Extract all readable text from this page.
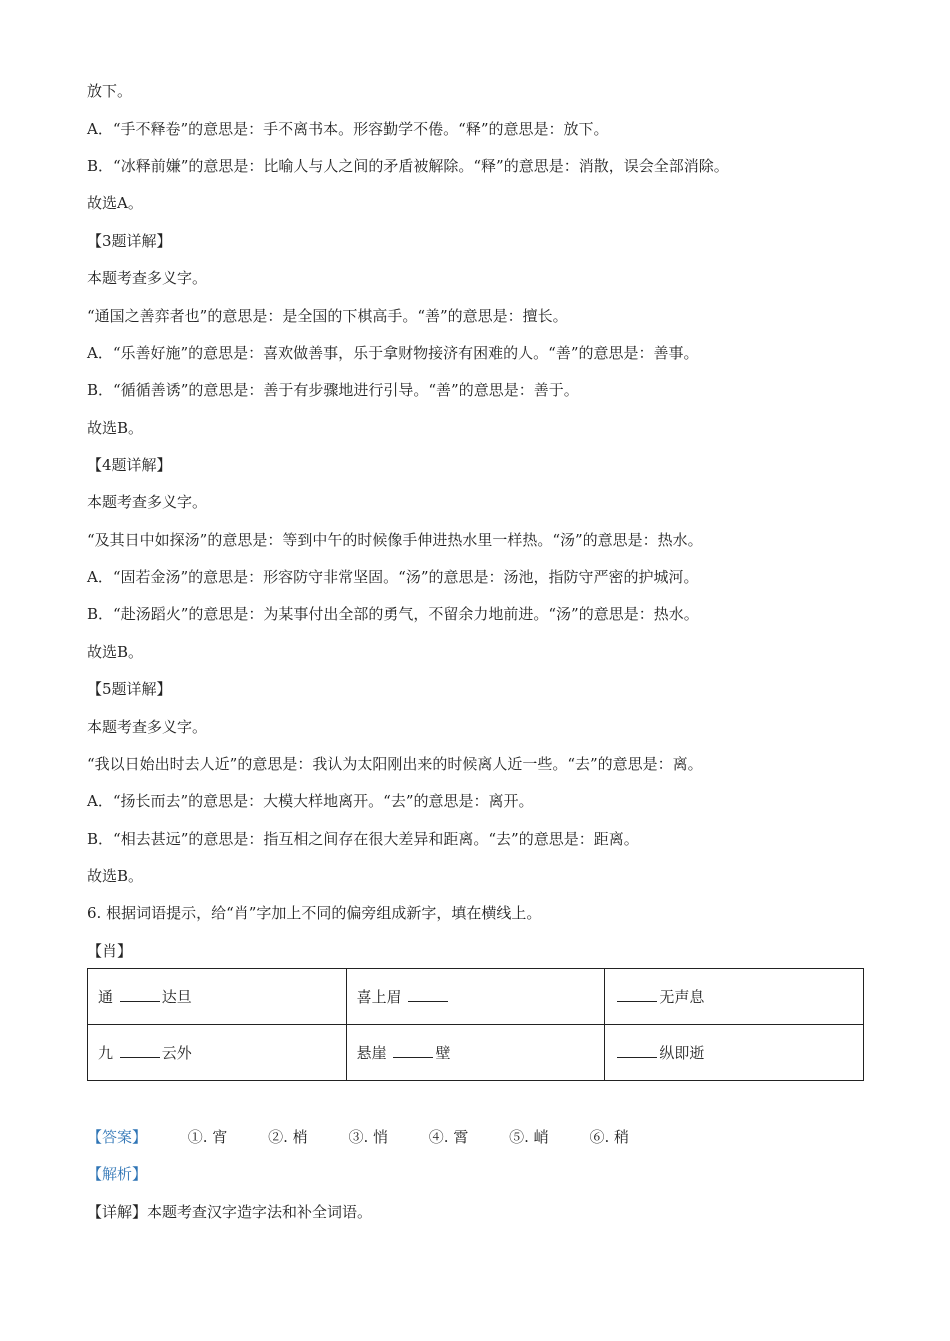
放下。
A．“手不释卷”的意思是：手不离书本。形容勤学不倦。“释”的意思是：放下。
B．“冰释前嫌”的意思是：比喻人与人之间的矛盾被解除。“释”的意思是：消散，误会全部消除。
故选A。
【3题详解】
本题考查多义字。
“通国之善弈者也”的意思是：是全国的下棋高手。“善”的意思是：擅长。
A．“乐善好施”的意思是：喜欢做善事，乐于拿财物接济有困难的人。“善”的意思是：善事。
B．“循循善诱”的意思是：善于有步骤地进行引导。“善”的意思是：善于。
故选B。
【4题详解】
本题考查多义字。
“及其日中如探汤”的意思是：等到中午的时候像手伸进热水里一样热。“汤”的意思是：热水。
A．“固若金汤”的意思是：形容防守非常坚固。“汤”的意思是：汤池，指防守严密的护城河。
B．“赴汤蹈火”的意思是：为某事付出全部的勇气，不留余力地前进。“汤”的意思是：热水。
故选B。
【5题详解】
本题考查多义字。
“我以日始出时去人近”的意思是：我认为太阳刚出来的时候离人近一些。“去”的意思是：离。
A．“扬长而去”的意思是：大模大样地离开。“去”的意思是：离开。
B．“相去甚远”的意思是：指互相之间存在很大差异和距离。“去”的意思是：距离。
故选B。
6. 根据词语提示，给“肖”字加上不同的偏旁组成新字，填在横线上。
【肖】
通 达旦	喜上眉	无声息
九 云外	悬崖 壁	纵即逝
【答案】	①. 宵	②. 梢	③. 悄	④. 霄	⑤. 峭	⑥. 稍
【解析】
【详解】本题考查汉字造字法和补全词语。
